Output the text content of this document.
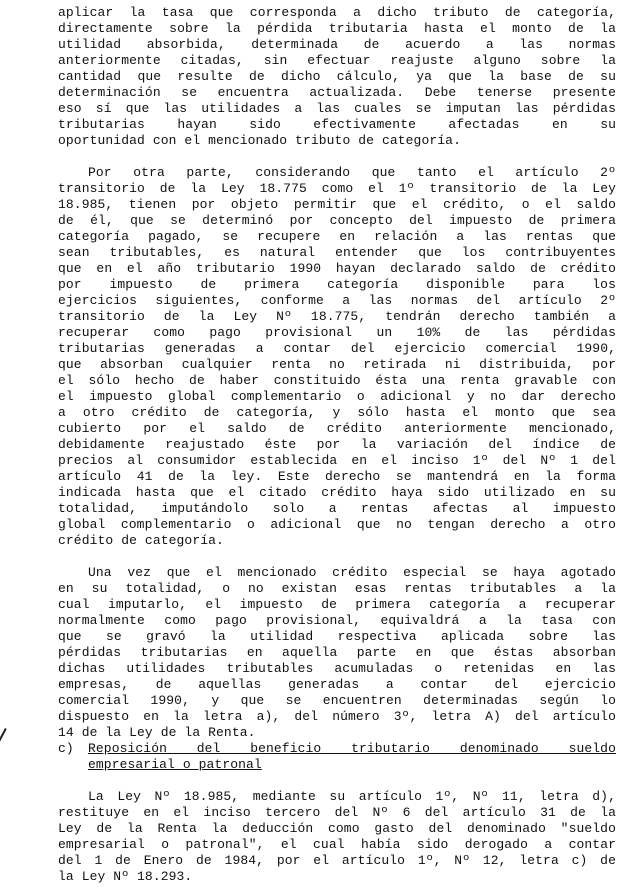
aplicar la tasa que corresponda a dicho tributo de categoría,
directamente sobre la pérdida tributaria hasta el monto de la
utilidad absorbida, determinada de acuerdo a las normas
anteriormente citadas, sin efectuar reajuste alguno sobre la
cantidad que resulte de dicho cálculo, ya que la base de su
determinación se encuentra actualizada. Debe tenerse presente
eso sí que las utilidades a las cuales se imputan las pérdidas
tributarias hayan sido efectivamente afectadas en su
oportunidad con el mencionado tributo de categoría.
Por otra parte, considerando que tanto el artículo 2º
transitorio de la Ley 18.775 como el 1º transitorio de la Ley
18.985, tienen por objeto permitir que el crédito, o el saldo
de él, que se determinó por concepto del impuesto de primera
categoría pagado, se recupere en relación a las rentas que
sean tributables, es natural entender que los contribuyentes
que en el año tributario 1990 hayan declarado saldo de crédito
por impuesto de primera categoría disponible para los
ejercicios siguientes, conforme a las normas del artículo 2º
transitorio de la Ley Nº 18.775, tendrán derecho también a
recuperar como pago provisional un 10% de las pérdidas
tributarias generadas a contar del ejercicio comercial 1990,
que absorban cualquier renta no retirada ni distribuida, por
el sólo hecho de haber constituido ésta una renta gravable con
el impuesto global complementario o adicional y no dar derecho
a otro crédito de categoría, y sólo hasta el monto que sea
cubierto por el saldo de crédito anteriormente mencionado,
debidamente reajustado éste por la variación del índice de
precios al consumidor establecida en el inciso 1º del Nº 1 del
artículo 41 de la ley. Este derecho se mantendrá en la forma
indicada hasta que el citado crédito haya sido utilizado en su
totalidad, imputándolo solo a rentas afectas al impuesto
global complementario o adicional que no tengan derecho a otro
crédito de categoría.
Una vez que el mencionado crédito especial se haya agotado
en su totalidad, o no existan esas rentas tributables a la
cual imputarlo, el impuesto de primera categoría a recuperar
normalmente como pago provisional, equivaldrá a la tasa con
que se gravó la utilidad respectiva aplicada sobre las
pérdidas tributarias en aquella parte en que éstas absorban
dichas utilidades tributables acumuladas o retenidas en las
empresas, de aquellas generadas a contar del ejercicio
comercial 1990, y que se encuentren determinadas según lo
dispuesto en la letra a), del número 3º, letra A) del artículo
14 de la Ley de la Renta.
c)	Reposición del beneficio tributario denominado sueldo
empresarial o patronal
La Ley Nº 18.985, mediante su artículo 1º, Nº 11, letra d),
restituye en el inciso tercero del Nº 6 del artículo 31 de la
Ley de la Renta la deducción como gasto del denominado "sueldo
empresarial o patronal", el cual había sido derogado a contar
del 1 de Enero de 1984, por el artículo 1º, Nº 12, letra c) de
la Ley Nº 18.293.
